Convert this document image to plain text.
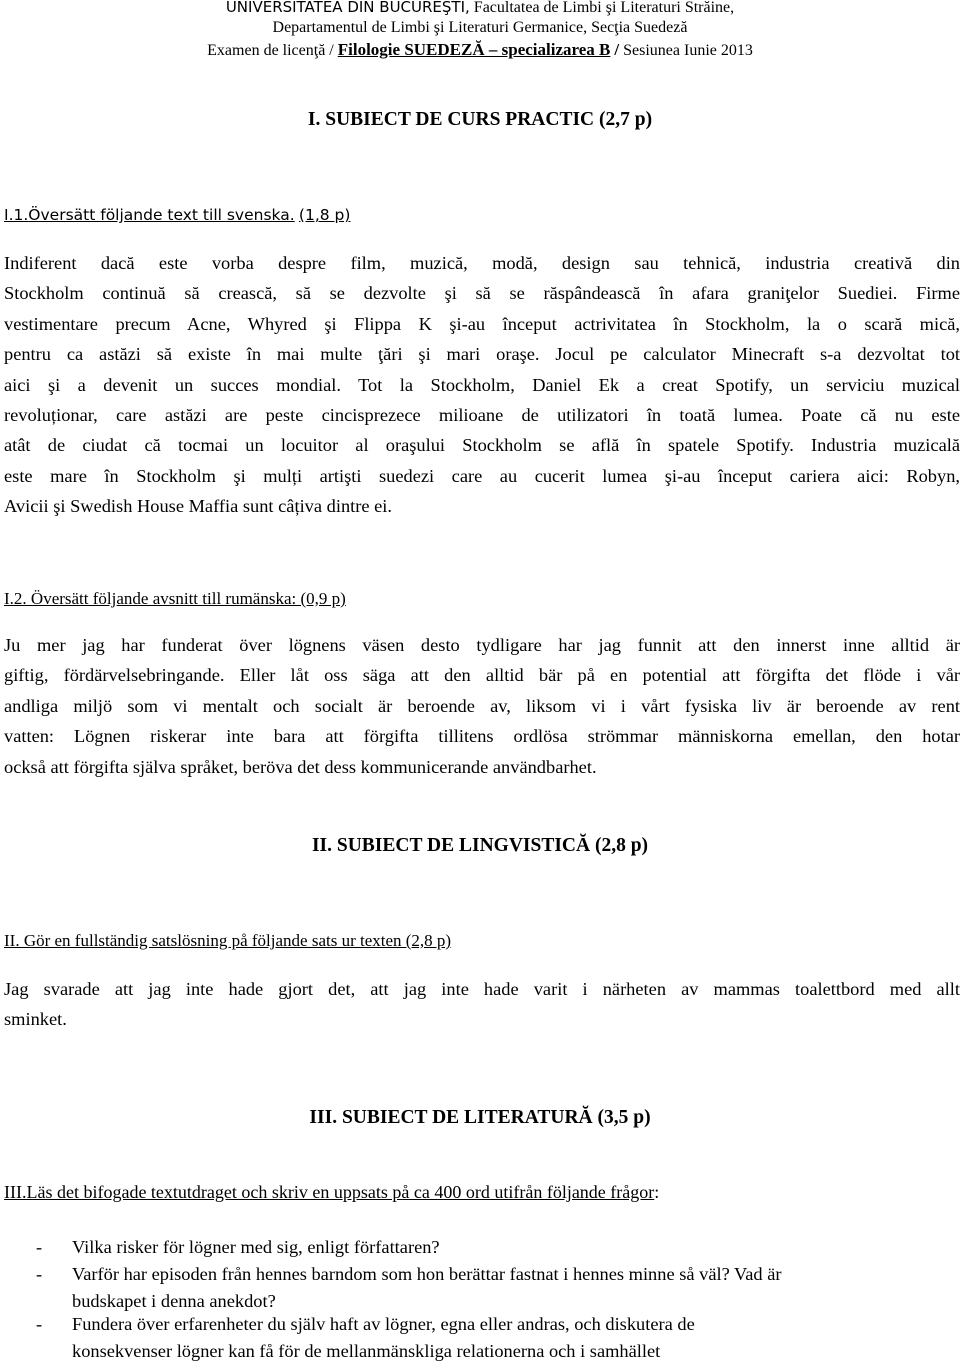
UNIVERSITATEA DIN BUCUREŞTI, Facultatea de Limbi şi Literaturi Străine,
Departamentul de Limbi şi Literaturi Germanice, Secţia Suedeză
Examen de licenţă / Filologie SUEDEZĂ – specializarea B / Sesiunea Iunie 2013
I. SUBIECT DE CURS PRACTIC (2,7 p)
I.1.Översätt följande text till svenska. (1,8 p)
Indiferent dacă este vorba despre film, muzică, modă, design sau tehnică, industria creativă din
Stockholm continuă să crească, să se dezvolte şi să se răspândească în afara graniţelor Suediei. Firme
vestimentare precum Acne, Whyred şi Flippa K şi-au început actrivitatea în Stockholm, la o scară mică,
pentru ca astăzi să existe în mai multe ţări şi mari oraşe. Jocul pe calculator Minecraft s-a dezvoltat tot
aici şi a devenit un succes mondial. Tot la Stockholm, Daniel Ek a creat Spotify, un serviciu muzical
revoluționar, care astăzi are peste cincisprezece milioane de utilizatori în toată lumea. Poate că nu este
atât de ciudat că tocmai un locuitor al oraşului Stockholm se află în spatele Spotify. Industria muzicală
este mare în Stockholm şi mulți artişti suedezi care au cucerit lumea şi-au început cariera aici: Robyn,
Avicii şi Swedish House Maffia sunt câțiva dintre ei.
I.2. Översätt följande avsnitt till rumänska: (0,9 p)
Ju mer jag har funderat över lögnens väsen desto tydligare har jag funnit att den innerst inne alltid är
giftig, fördärvelsebringande. Eller låt oss säga att den alltid bär på en potential att förgifta det flöde i vår
andliga miljö som vi mentalt och socialt är beroende av, liksom vi i vårt fysiska liv är beroende av rent
vatten: Lögnen riskerar inte bara att förgifta tillitens ordlösa strömmar människorna emellan, den hotar
också att förgifta själva språket, beröva det dess kommunicerande användbarhet.
II. SUBIECT DE LINGVISTICĂ (2,8 p)
II. Gör en fullständig satslösning på följande sats ur texten (2,8 p)
Jag svarade att jag inte hade gjort det, att jag inte hade varit i närheten av mammas toalettbord med allt
sminket.
III. SUBIECT DE LITERATURĂ (3,5 p)
III.Läs det bifogade textutdraget och skriv en uppsats på ca 400 ord utifrån följande frågor:
- Vilka risker för lögner med sig, enligt författaren?
- Varför har episoden från hennes barndom som hon berättar fastnat i hennes minne så väl? Vad är
budskapet i denna anekdot?
- Fundera över erfarenheter du själv haft av lögner, egna eller andras, och diskutera de
konsekvenser lögner kan få för de mellanmänskliga relationerna och i samhället
